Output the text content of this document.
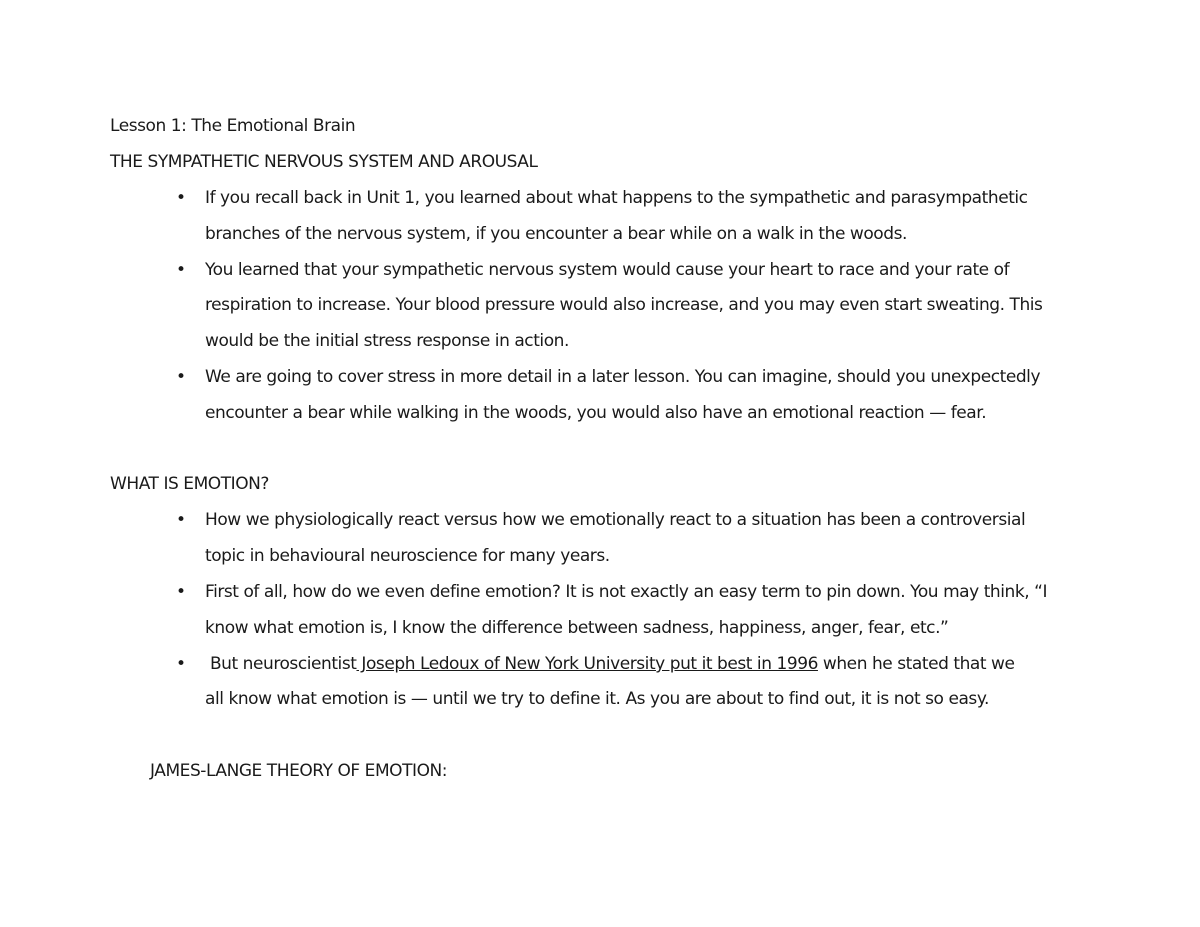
Lesson 1: The Emotional Brain
THE SYMPATHETIC NERVOUS SYSTEM AND AROUSAL
• If you recall back in Unit 1, you learned about what happens to the sympathetic and parasympathetic
branches of the nervous system, if you encounter a bear while on a walk in the woods.
• You learned that your sympathetic nervous system would cause your heart to race and your rate of
respiration to increase. Your blood pressure would also increase, and you may even start sweating. This
would be the initial stress response in action.
• We are going to cover stress in more detail in a later lesson. You can imagine, should you unexpectedly
encounter a bear while walking in the woods, you would also have an emotional reaction — fear.
WHAT IS EMOTION?
• How we physiologically react versus how we emotionally react to a situation has been a controversial
topic in behavioural neuroscience for many years.
• First of all, how do we even define emotion? It is not exactly an easy term to pin down. You may think, “I
know what emotion is, I know the difference between sadness, happiness, anger, fear, etc.”
• But neuroscientist Joseph Ledoux of New York University put it best in 1996 when he stated that we
all know what emotion is — until we try to define it. As you are about to find out, it is not so easy.
JAMES-LANGE THEORY OF EMOTION:
